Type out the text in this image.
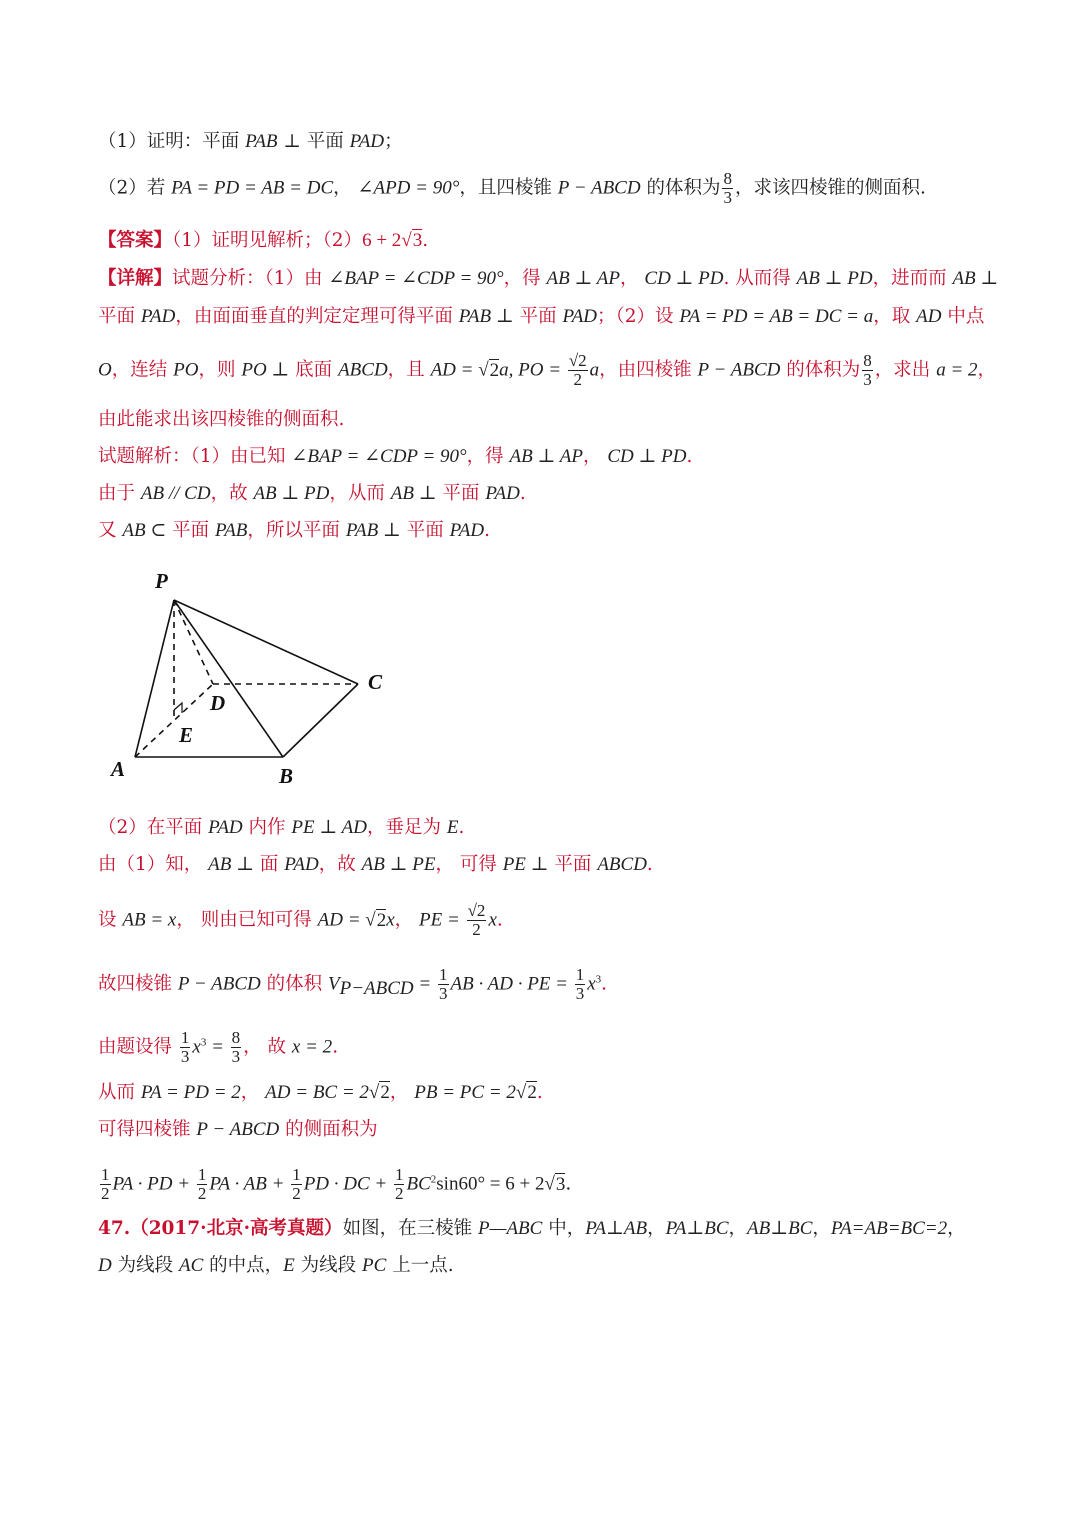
（1）证明：平面 PAB ⊥ 平面 PAD；
（2）若 PA = PD = AB = DC， ∠APD = 90°，且四棱锥 P − ABCD 的体积为 $\frac{8}{3}$ ，求该四棱锥的侧面积.
【答案】（1）证明见解析；（2）6 + 2√3.
【详解】试题分析：（1）由 ∠BAP = ∠CDP = 90°，得 AB ⊥ AP， CD ⊥ PD. 从而得 AB ⊥ PD，进而而 AB ⊥
平面 PAD，由面面垂直的判定定理可得平面 PAB ⊥ 平面 PAD；（2）设 PA = PD = AB = DC = a，取 AD 中点
O，连结 PO，则 PO ⊥ 底面 ABCD，且 AD = √2a, PO = $\frac{√2}{2}$ a，由四棱锥 P − ABCD 的体积为 $\frac{8}{3}$ ，求出 a = 2，
由此能求出该四棱锥的侧面积.
试题解析：（1）由已知 ∠BAP = ∠CDP = 90°，得 AB ⊥ AP， CD ⊥ PD.
由于 AB // CD，故 AB ⊥ PD，从而 AB ⊥ 平面 PAD.
又 AB ⊂ 平面 PAB，所以平面 PAB ⊥ 平面 PAD.
P
C
D
E
A	B
（2）在平面 PAD 内作 PE ⊥ AD，垂足为 E.
由（1）知， AB ⊥ 面 PAD，故 AB ⊥ PE， 可得 PE ⊥ 平面 ABCD.
设 AB = x， 则由已知可得 AD = √2x， PE = $\frac{√2}{2} x$.
故四棱锥 P − ABCD 的体积 $V_{P-ABCD} = \frac{1}{3}$ AB · AD · PE = $\frac{1}{3} x^3$.
由题设得 $\frac{1}{3} x^3 = \frac{8}{3}$ ， 故 x = 2.
从而 PA = PD = 2， AD = BC = 2√2， PB = PC = 2√2.
可得四棱锥 P − ABCD 的侧面积为
$\frac{1}{2}$ PA · PD + $\frac{1}{2}$ PA · AB + $\frac{1}{2}$ PD · DC + $\frac{1}{2} BC^2\sin 60^\circ = 6 + 2√3$.
47.（2017·北京·高考真题）如图，在三棱锥 P—ABC 中，PA⊥AB，PA⊥BC，AB⊥BC，PA=AB=BC=2，
D 为线段 AC 的中点，E 为线段 PC 上一点.
